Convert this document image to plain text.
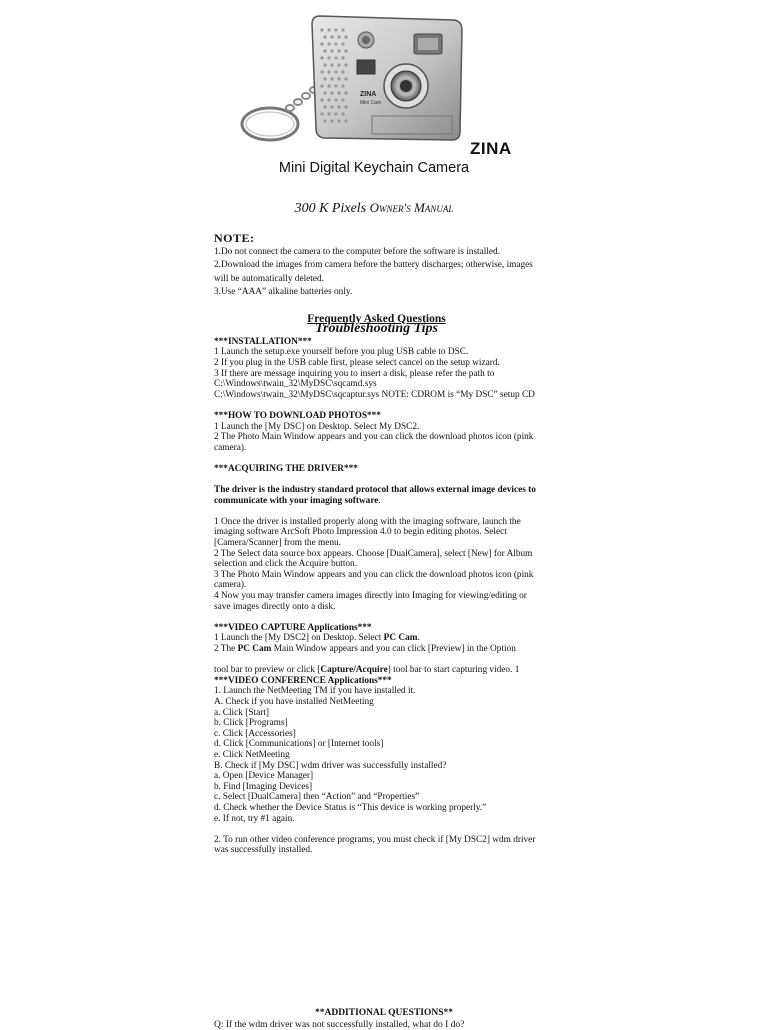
ZINA
Mini Cam
ZINA
Mini Digital Keychain Camera
300 K Pixels Owner's Manual

NOTE:

1.Do not connect the camera to the computer before the software is installed.

2.Download the images from camera before the battery discharges; otherwise, images will be automatically deleted.

3.Use “AAA” alkaline batteries only.

Frequently Asked Questions

Troubleshooting Tips

***INSTALLATION***

1 Launch the setup.exe yourself before you plug USB cable to DSC.

2 If you plug in the USB cable first, please select cancel on the setup wizard.

3 If there are message inquiring you to insert a disk, please refer the path to C:\Windows\twain_32\MyDSC\sqcamd.sys

C:\Windows\twain_32\MyDSC\sqcaptur.sys NOTE: CDROM is “My DSC” setup CD

***HOW TO DOWNLOAD PHOTOS***

1 Launch the [My DSC] on Desktop. Select My DSC2.

2 The Photo Main Window appears and you can click the download photos icon (pink camera).

***ACQUIRING THE DRIVER***

The driver is the industry standard protocol that allows external image devices to communicate with your imaging software.

1 Once the driver is installed properly along with the imaging software, launch the imaging software ArcSoft Photo Impression 4.0 to begin editing photos. Select [Camera/Scanner] from the menu.

2 The Select data source box appears. Choose [DualCamera], select [New] for Album selection and click the Acquire button.

3 The Photo Main Window appears and you can click the download photos icon (pink camera).

4 Now you may transfer camera images directly into Imaging for viewing/editing or save images directly onto a disk.

***VIDEO CAPTURE Applications***

1 Launch the [My DSC2] on Desktop. Select PC Cam.

2 The PC Cam Main Window appears and you can click [Preview] in the Option

tool bar to preview or click [Capture/Acquire] tool bar to start capturing video. 1

***VIDEO CONFERENCE Applications***

1. Launch the NetMeeting TM if you have installed it.

A. Check if you have installed NetMeeting

a. Click [Start]

b. Click [Programs]

c. Click [Accessories]

d. Click [Communications] or [Internet tools]

e. Click NetMeeting

B. Check if [My DSC] wdm driver was successfully installed?

a. Open [Device Manager]

b. Find [Imaging Devices]

c. Select [DualCamera] then “Action” and “Properties”

d. Check whether the Device Status is “This device is working properly.”

e. If not, try #1 again.

2. To run other video conference programs, you must check if [My DSC2] wdm driver was successfully installed.

**ADDITIONAL QUESTIONS**
Q: If the wdm driver was not successfully installed, what do I do?
